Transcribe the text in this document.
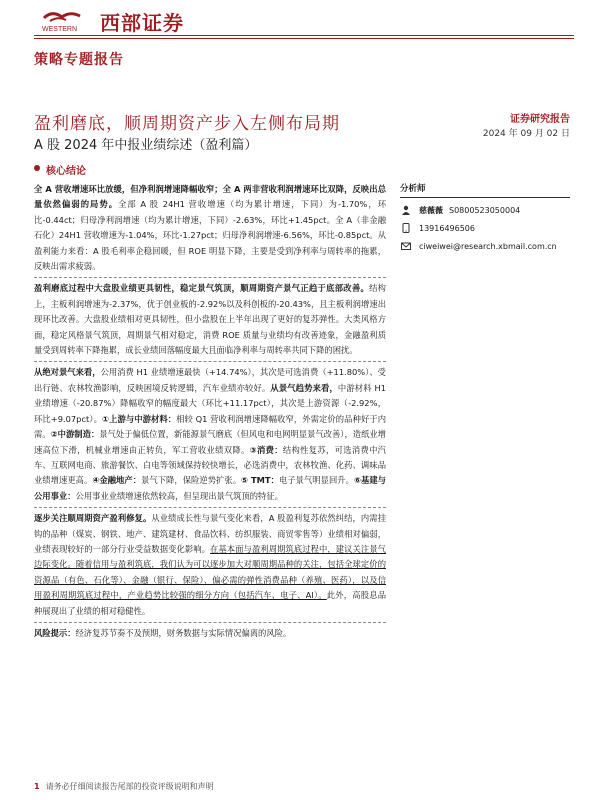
WESTERN 西部证券
策略专题报告
盈利磨底，顺周期资产步入左侧布局期
A 股 2024 年中报业绩综述（盈利篇）
证券研究报告
2024 年 09 月 02 日
核心结论

全 A 营收增速环比放缓，但净利润增速降幅收窄；全 A 两非营收利润增速环比双降，反映出总量依然偏弱的局势。全部 A 股 24H1 营收增速（均为累计增速，下同）为-1.70%，环比-0.44ct；归母净利润增速（均为累计增速，下同）-2.63%，环比+1.45pct。全 A（非金融石化）24H1 营收增速为-1.04%，环比-1.27pct；归母净利润增速-6.56%，环比-0.85pct。从盈利能力来看：A 股毛利率企稳回暖，但 ROE 明显下降，主要是受到净利率与周转率的拖累，反映出需求疲弱。

盈利磨底过程中大盘股业绩更具韧性，稳定景气筑顶，顺周期资产景气正趋于底部改善。结构上，主板利润增速为-2.37%，优于创业板的-2.92%以及科创板的-20.43%，且主板利润增速出现环比改善。大盘股业绩相对更具韧性，但小盘股在上半年出现了更好的复苏弹性。大类风格方面，稳定风格景气筑顶，周期景气相对稳定，消费 ROE 质量与业绩均有改善迹象，金融盈利质量受到周转率下降拖累，成长业绩回落幅度最大且面临净利率与周转率共同下降的困扰。

从绝对景气来看，公用消费 H1 业绩增速最快（+14.74%），其次是可选消费（+11.80%）、受出行链、农林牧渔影响，反映困境反转逻辑，汽车业绩亦较好。从景气趋势来看，中游材料 H1 业绩增速（-20.87%）降幅收窄的幅度最大（环比+11.17pct），其次是上游资源（-2.92%，环比+9.07pct）。①上游与中游材料：相较 Q1 营收利润增速降幅收窄，外需定价的品种好于内需。②中游制造：景气处于偏低位置，新能源景气磨底（但风电和电网明显景气改善），造纸业增速高位下滑，机械业增速由正转负，军工营收业绩双降。③消费：结构性复苏，可选消费中汽车、互联网电商、旅游餐饮、白电等领域保持较快增长，必选消费中，农林牧渔、化药、调味品业绩增速更高。④金融地产：景气下降，保险逆势扩张。⑤ TMT：电子景气明显回升。⑥基建与公用事业：公用事业业绩增速依然较高，但呈现出景气筑顶的特征。

逐步关注顺周期资产盈利修复。从业绩成长性与景气变化来看，A 股盈利复苏依然纠结，内需挂钩的品种（煤炭、钢铁、地产、建筑建材、食品饮料、纺织服装、商贸零售等）业绩相对偏弱，业绩表现较好的一部分行业受益数据变化影响。在基本面与盈利周期筑底过程中，建议关注景气边际变化。随着信用与盈利筑底，我们认为可以逐步加大对顺周期品种的关注，包括全球定价的资源品（有色、石化等）、金融（银行、保险）、偏必需的弹性消费品种（养殖、医药），以及信用盈利周期筑底过程中，产业趋势比较强的细分方向（包括汽车、电子、AI）。此外，高股息品种展现出了业绩的相对稳健性。

风险提示：经济复苏节奏不及预期，财务数据与实际情况偏离的风险。

分析师
慈薇薇 S0800523050004
13916496506
ciweiwei@research.xbmail.com.cn
1 请务必仔细阅读报告尾部的投资评级说明和声明
